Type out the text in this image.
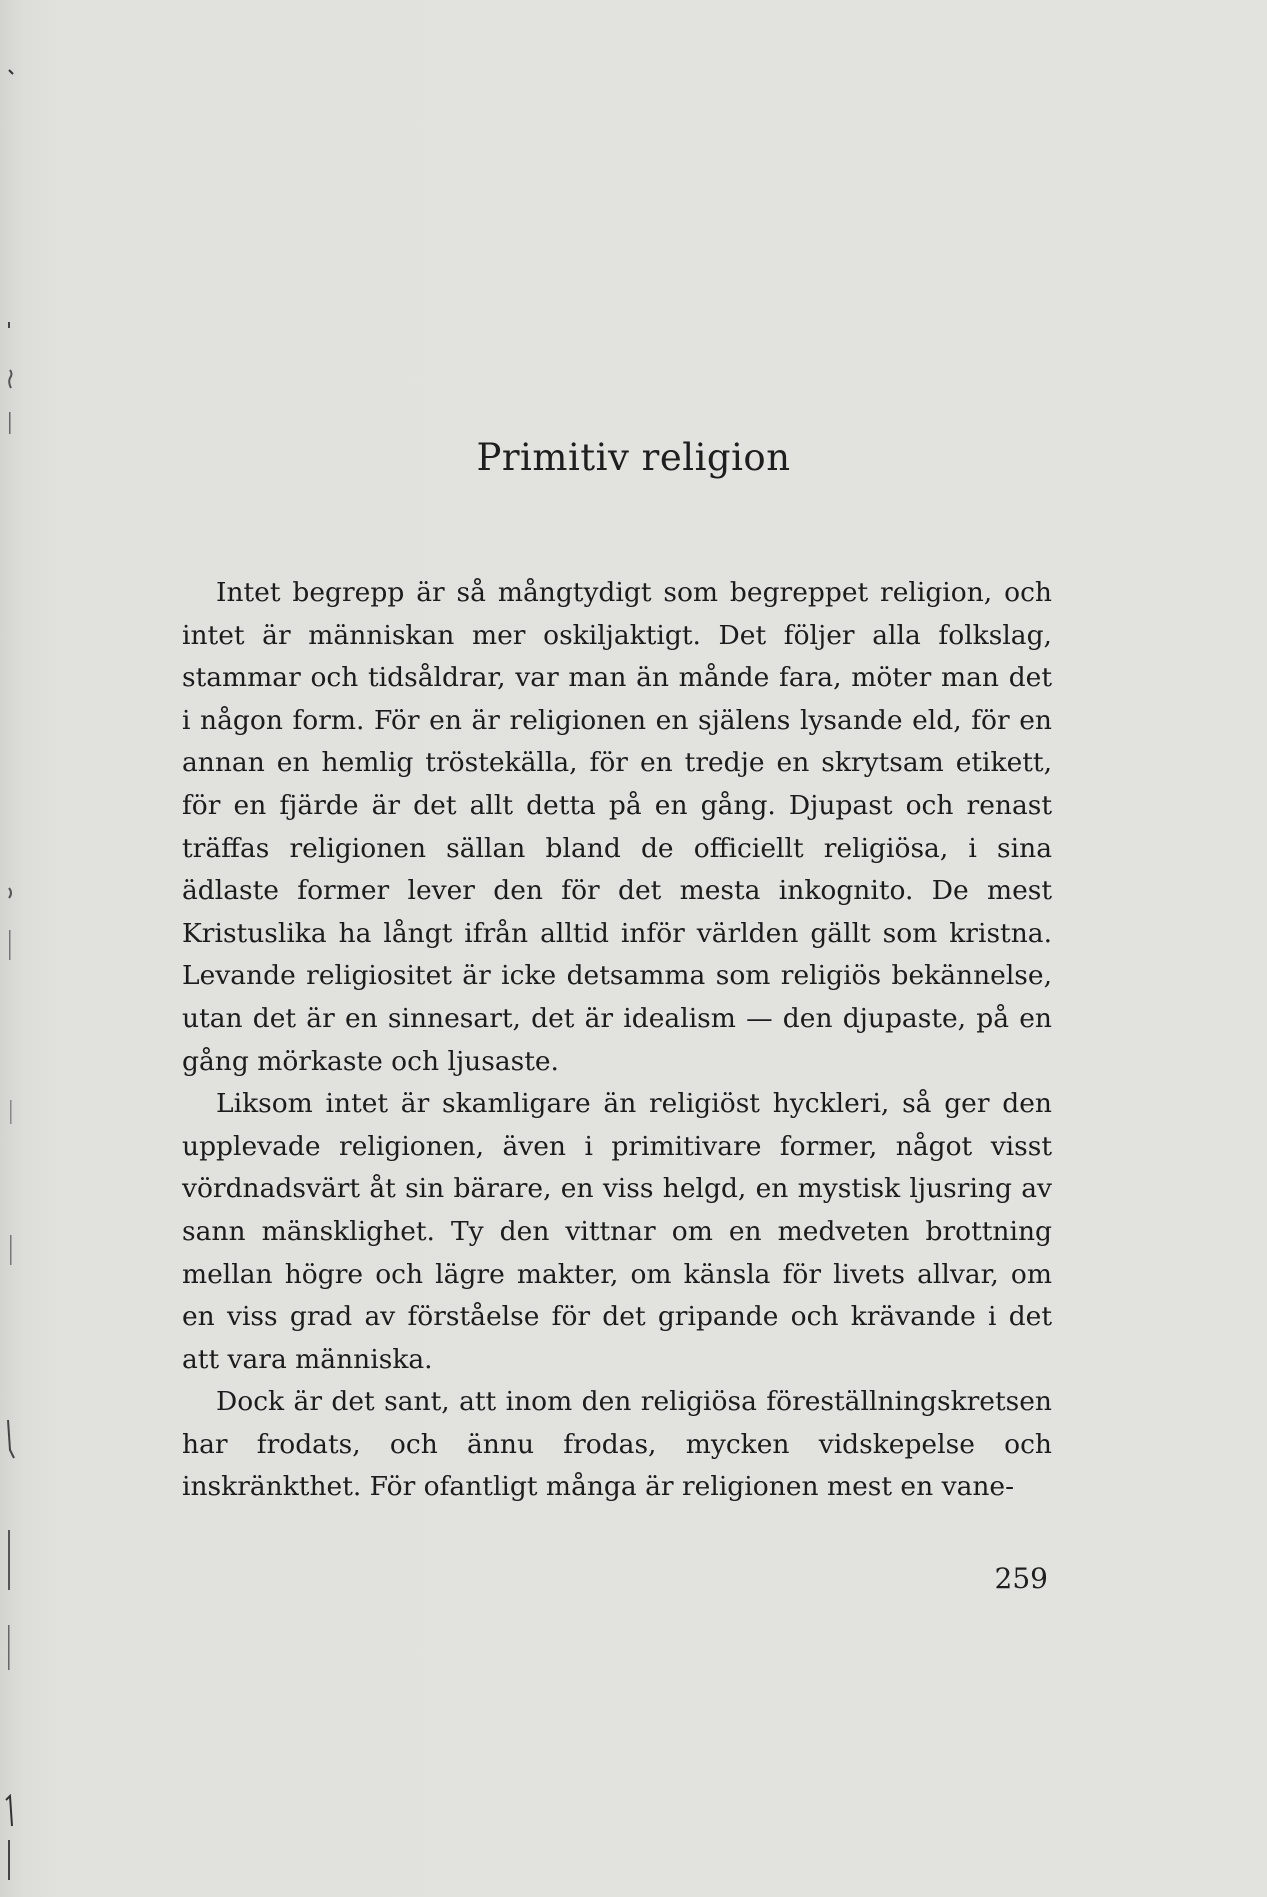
Primitiv religion

Intet begrepp är så mångtydigt som begreppet religion, och intet är människan mer oskiljaktigt. Det följer alla folkslag, stammar och tidsåldrar, var man än månde fara, möter man det i någon form. För en är religionen en själens lysande eld, för en annan en hemlig tröstekälla, för en tredje en skrytsam etikett, för en fjärde är det allt detta på en gång. Djupast och renast träffas religionen sällan bland de officiellt religiösa, i sina ädlaste former lever den för det mesta inkognito. De mest Kristuslika ha långt ifrån alltid inför världen gällt som kristna. Levande religiositet är icke detsamma som religiös bekännelse, utan det är en sinnesart, det är idealism — den djupaste, på en gång mörkaste och ljusaste.

Liksom intet är skamligare än religiöst hyckleri, så ger den upplevade religionen, även i primitivare former, något visst vördnadsvärt åt sin bärare, en viss helgd, en mystisk ljusring av sann mänsklighet. Ty den vittnar om en medveten brottning mellan högre och lägre makter, om känsla för livets allvar, om en viss grad av förståelse för det gripande och krävande i det att vara människa.

Dock är det sant, att inom den religiösa föreställningskretsen har frodats, och ännu frodas, mycken vidskepelse och inskränkthet. För ofantligt många är religionen mest en vane-

259
